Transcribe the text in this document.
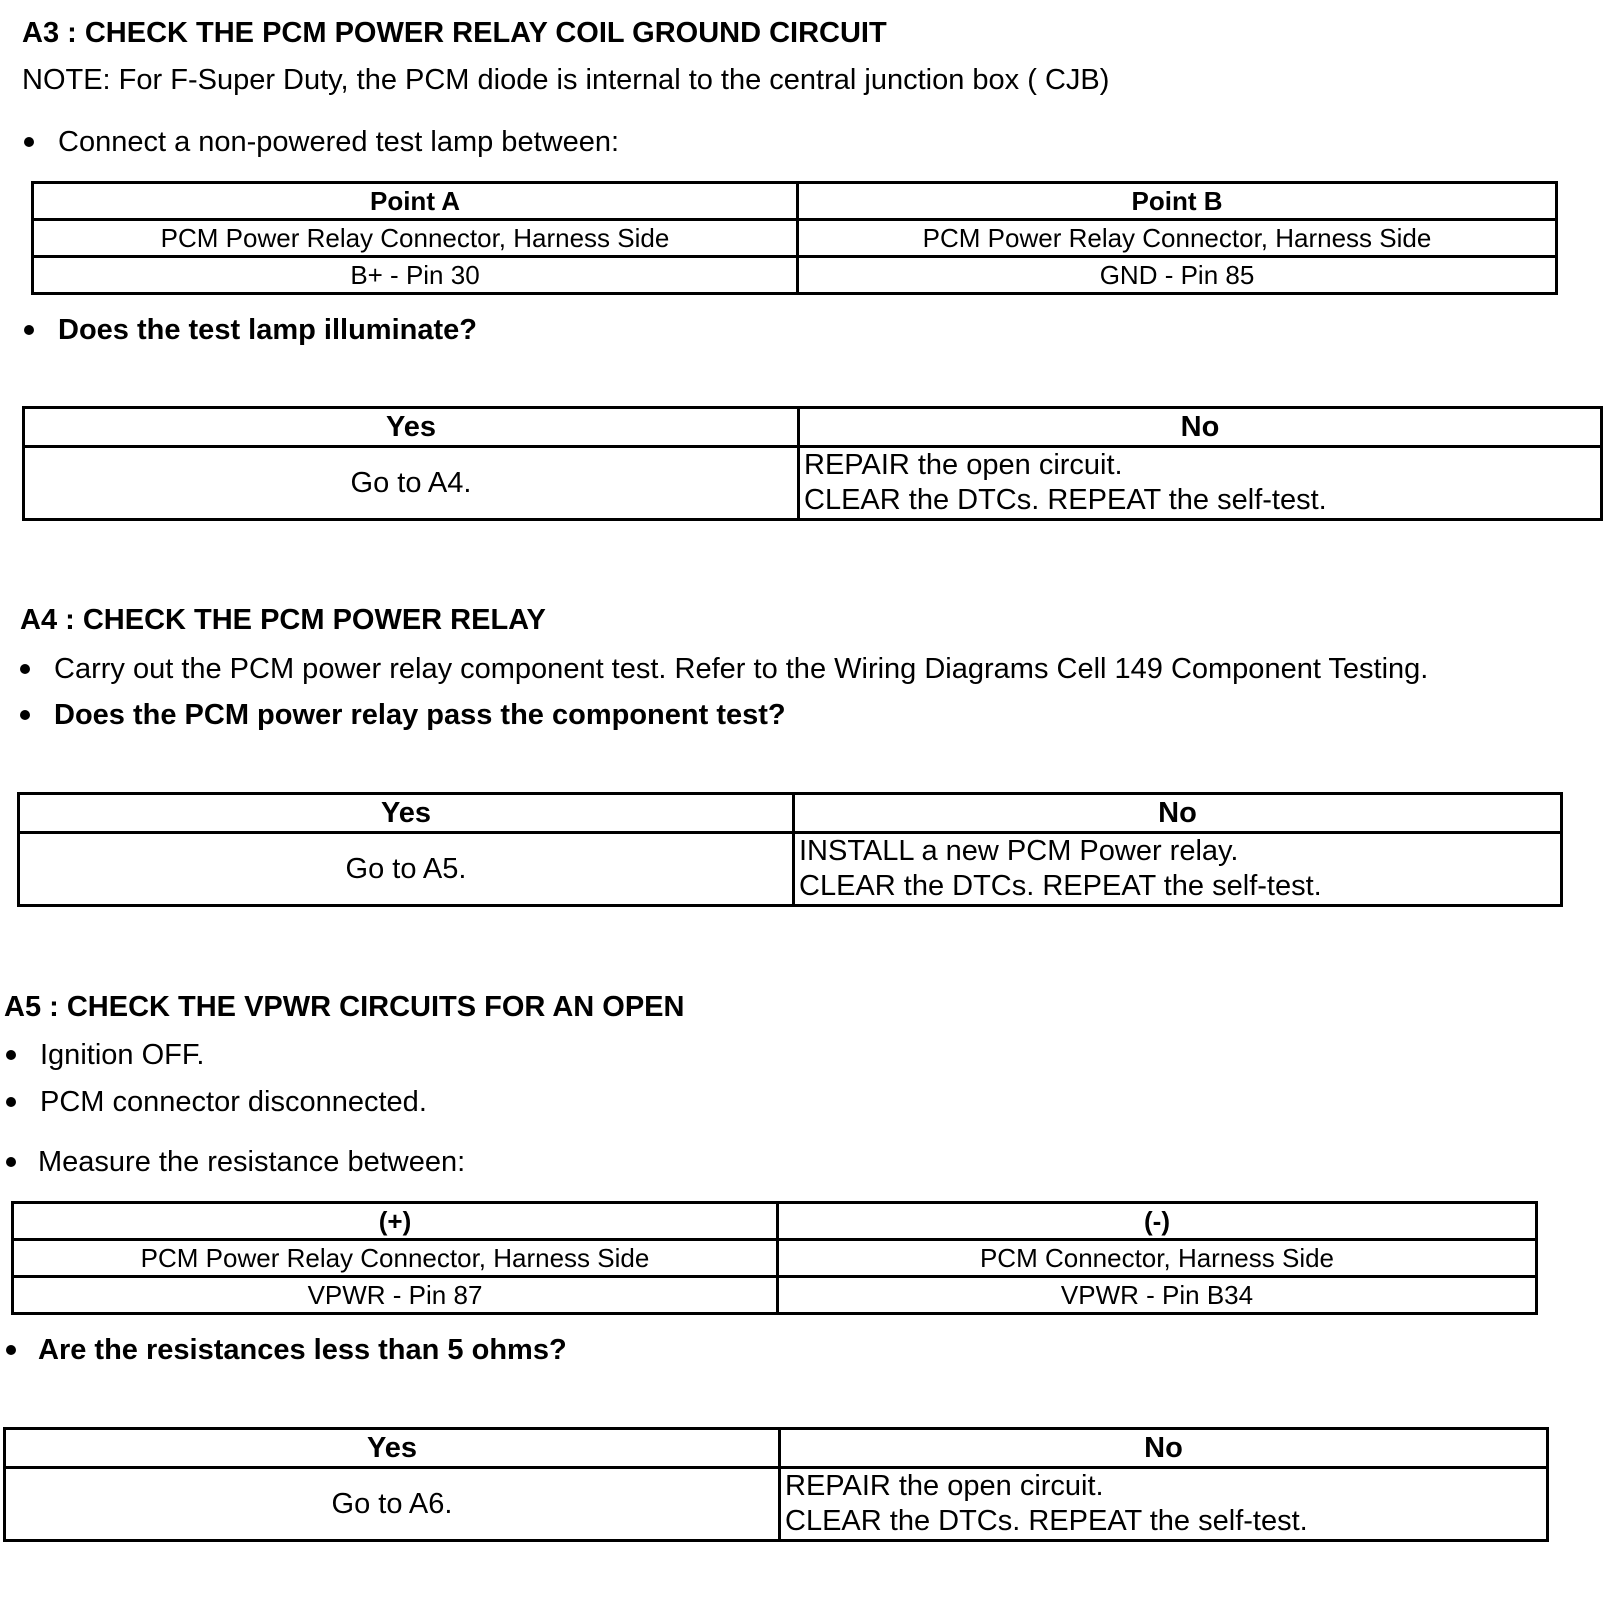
A3 : CHECK THE PCM POWER RELAY COIL GROUND CIRCUIT
NOTE: For F-Super Duty, the PCM diode is internal to the central junction box ( CJB)
Connect a non-powered test lamp between:
Point A	Point B
PCM Power Relay Connector, Harness Side	PCM Power Relay Connector, Harness Side
B+ - Pin 30	GND - Pin 85
Does the test lamp illuminate?
Yes	No
Go to A4.	REPAIR the open circuit.
CLEAR the DTCs. REPEAT the self-test.
A4 : CHECK THE PCM POWER RELAY
Carry out the PCM power relay component test. Refer to the Wiring Diagrams Cell 149 Component Testing.
Does the PCM power relay pass the component test?
Yes	No
Go to A5.	INSTALL a new PCM Power relay.
CLEAR the DTCs. REPEAT the self-test.
A5 : CHECK THE VPWR CIRCUITS FOR AN OPEN
Ignition OFF.
PCM connector disconnected.
Measure the resistance between:
(+)	(-)
PCM Power Relay Connector, Harness Side	PCM Connector, Harness Side
VPWR - Pin 87	VPWR - Pin B34
Are the resistances less than 5 ohms?
Yes	No
Go to A6.	REPAIR the open circuit.
CLEAR the DTCs. REPEAT the self-test.
